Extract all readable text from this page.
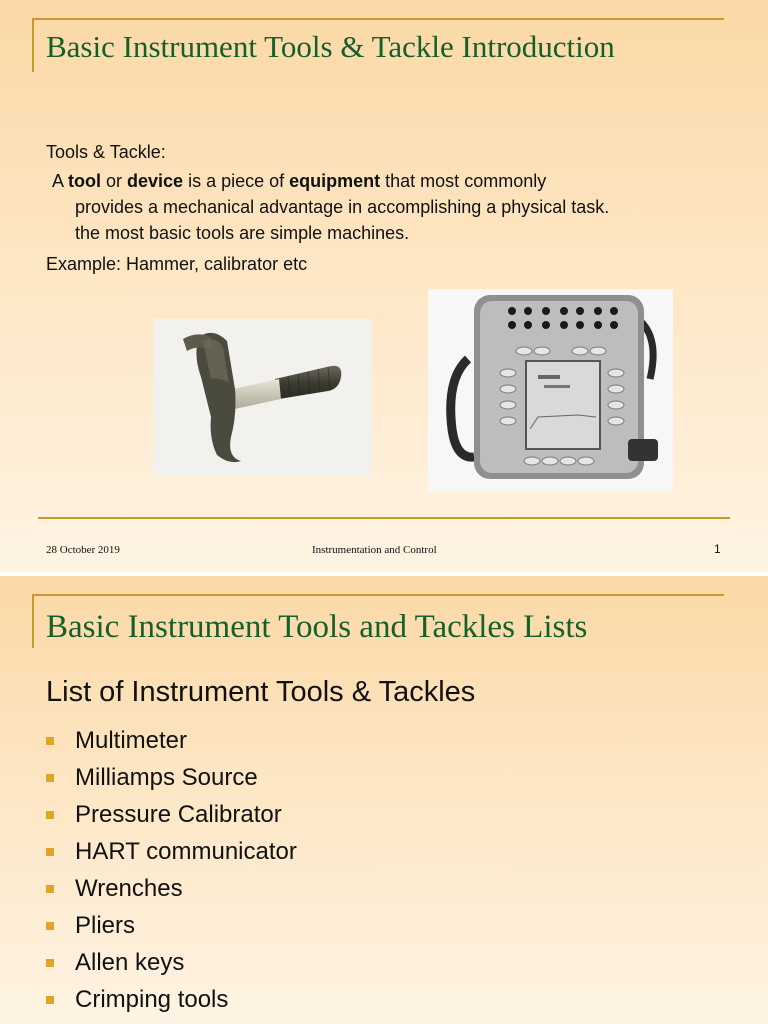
Basic Instrument Tools & Tackle Introduction
Tools & Tackle:
A tool or device is a piece of equipment that most commonly
provides a mechanical advantage in accomplishing a physical task.
the most basic tools are simple machines.
Example: Hammer, calibrator etc
28 October 2019	Instrumentation and Control	1
Basic Instrument Tools and Tackles Lists
List of Instrument Tools & Tackles
Multimeter
Milliamps Source
Pressure Calibrator
HART communicator
Wrenches
Pliers
Allen keys
Crimping tools
